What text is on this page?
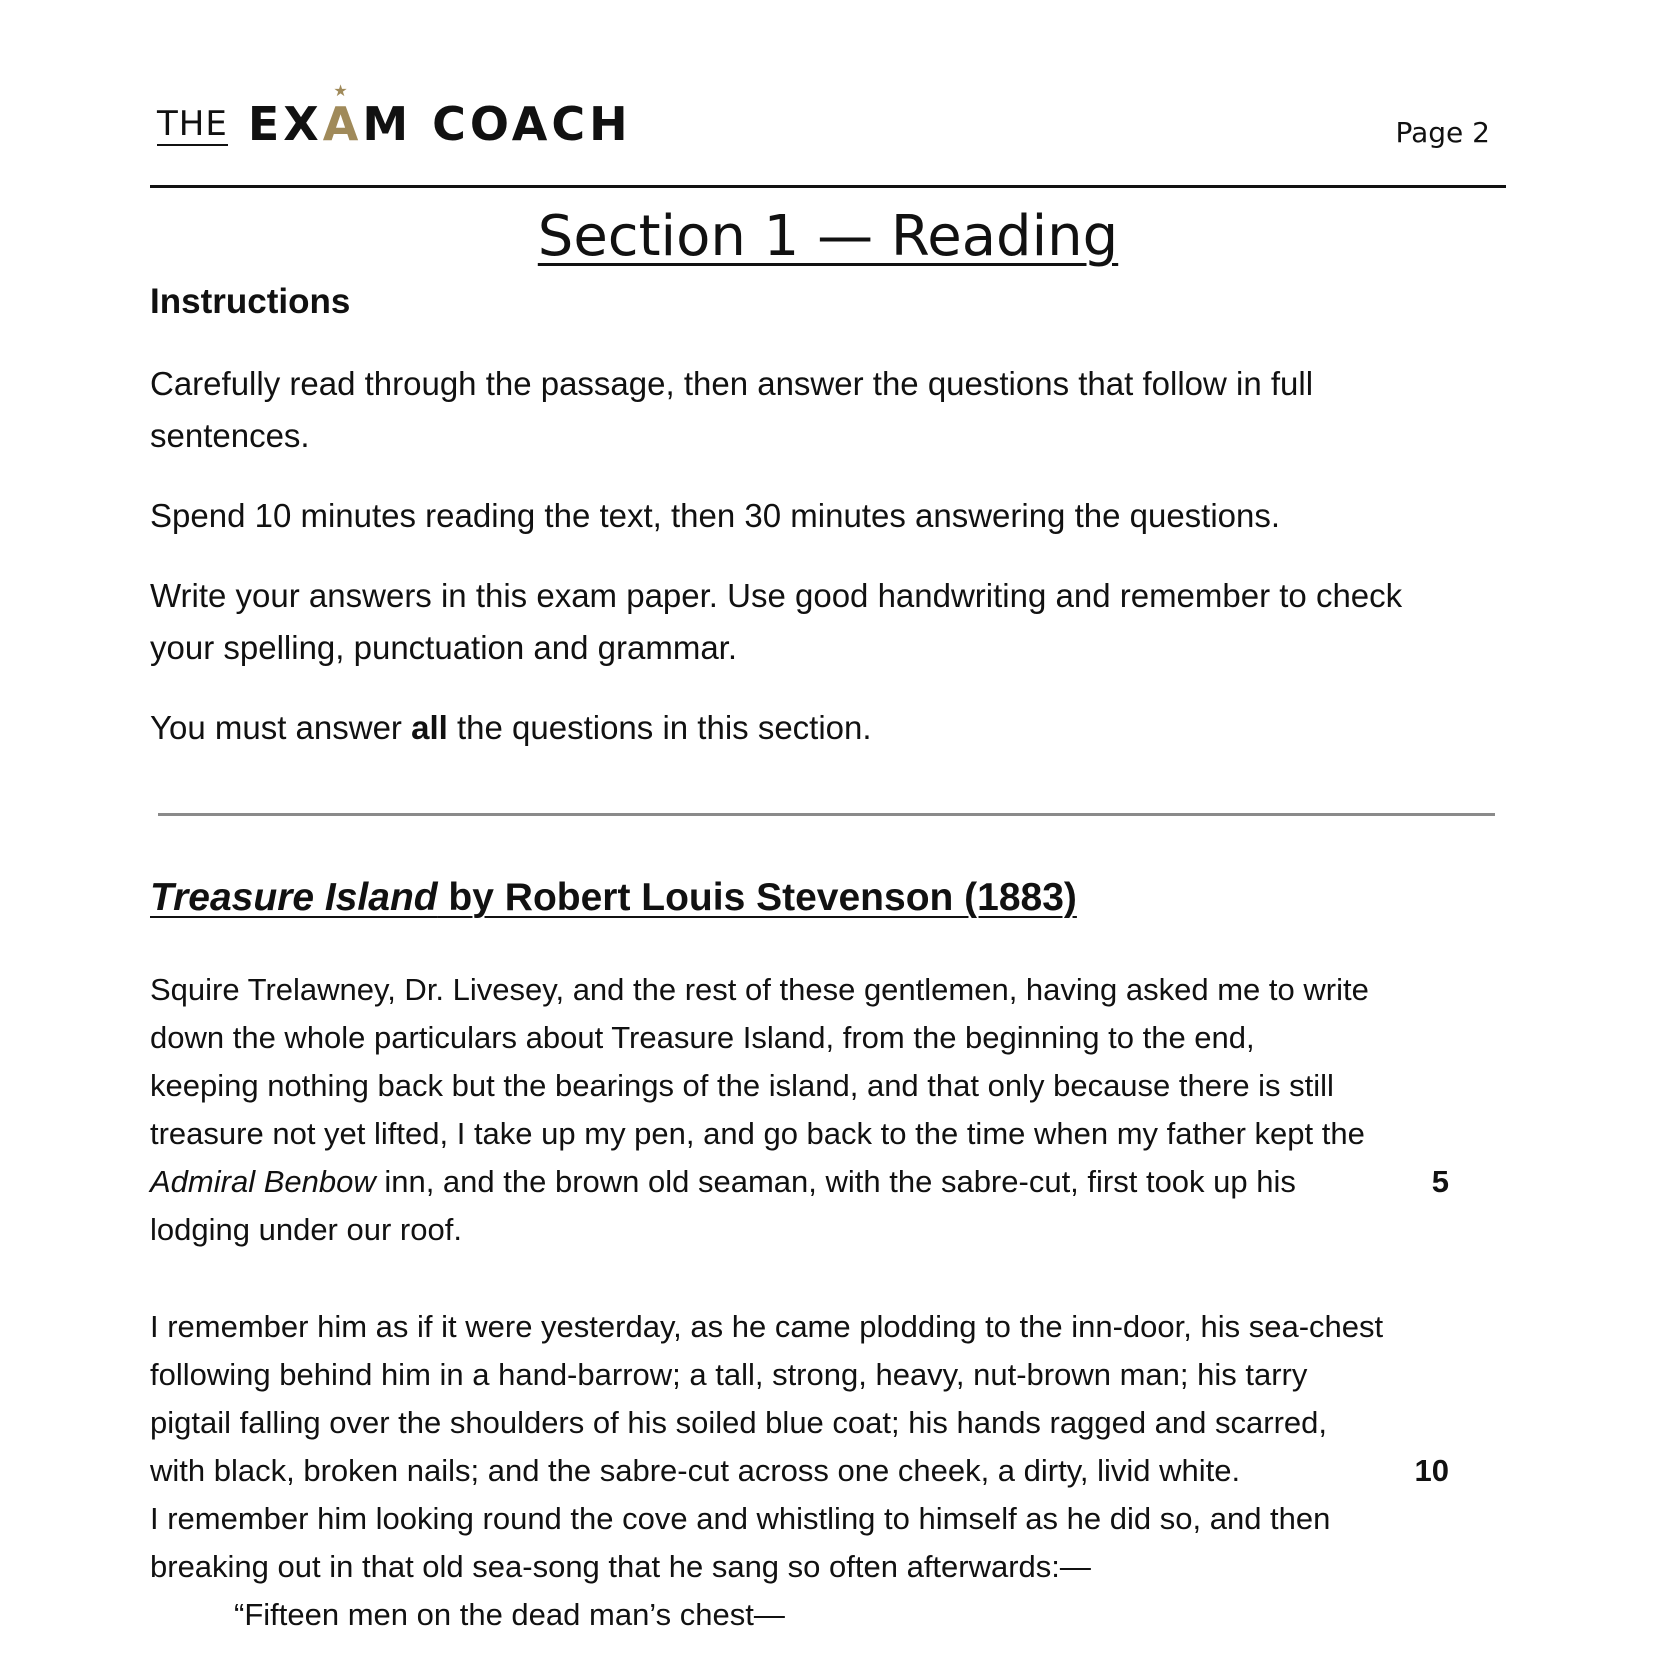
THE EX
★
AM COACH	Page 2
Section 1 — Reading
Instructions
Carefully read through the passage, then answer the questions that follow in full sentences.
Spend 10 minutes reading the text, then 30 minutes answering the questions.
Write your answers in this exam paper. Use good handwriting and remember to check your spelling, punctuation and grammar.
You must answer all the questions in this section.
Treasure Island by Robert Louis Stevenson (1883)
Squire Trelawney, Dr. Livesey, and the rest of these gentlemen, having asked me to write
down the whole particulars about Treasure Island, from the beginning to the end,
keeping nothing back but the bearings of the island, and that only because there is still
treasure not yet lifted, I take up my pen, and go back to the time when my father kept the
Admiral Benbow inn, and the brown old seaman, with the sabre-cut, first took up his
lodging under our roof.
5
I remember him as if it were yesterday, as he came plodding to the inn-door, his sea-chest
following behind him in a hand-barrow; a tall, strong, heavy, nut-brown man; his tarry
pigtail falling over the shoulders of his soiled blue coat; his hands ragged and scarred,
with black, broken nails; and the sabre-cut across one cheek, a dirty, livid white.
I remember him looking round the cove and whistling to himself as he did so, and then
breaking out in that old sea-song that he sang so often afterwards:—
“Fifteen men on the dead man’s chest—
10
